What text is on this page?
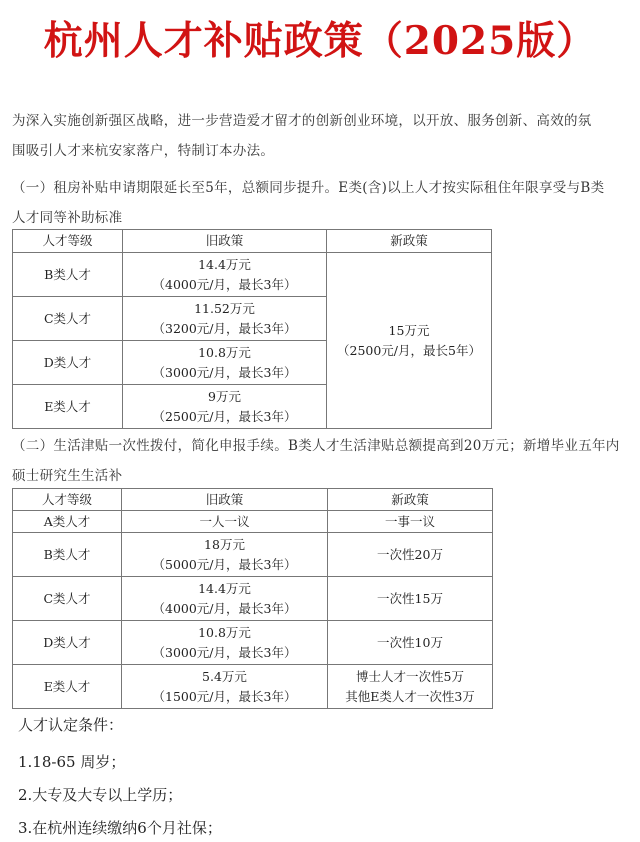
杭州人才补贴政策（2025版）
为深入实施创新强区战略，进一步营造爱才留才的创新创业环境，以开放、服务创新、高效的氛
围吸引人才来杭安家落户，特制订本办法。
（一）租房补贴申请期限延长至5年，总额同步提升。E类(含)以上人才按实际租住年限享受与B类
人才同等补助标准
人才等级	旧政策	新政策
B类人才	14.4万元
（4000元/月，最长3年）	15万元
（2500元/月，最长5年）

C类人才	11.52万元
（3200元/月，最长3年）	

D类人才	10.8万元
（3000元/月，最长3年）	

E类人才	9万元
（2500元/月，最长3年）	
（二）生活津贴一次性拨付，简化申报手续。B类人才生活津贴总额提高到20万元；新增毕业五年内
硕士研究生生活补
人才等级	旧政策	新政策
A类人才	一人一议	一事一议
B类人才	18万元
（5000元/月，最长3年）	一次性20万
C类人才	14.4万元
（4000元/月，最长3年）	一次性15万
D类人才	10.8万元
（3000元/月，最长3年）	一次性10万
E类人才	5.4万元
（1500元/月，最长3年）	博士人才一次性5万
其他E类人才一次性3万
人才认定条件：
1.18-65 周岁；
2.大专及大专以上学历；
3.在杭州连续缴纳6个月社保；
